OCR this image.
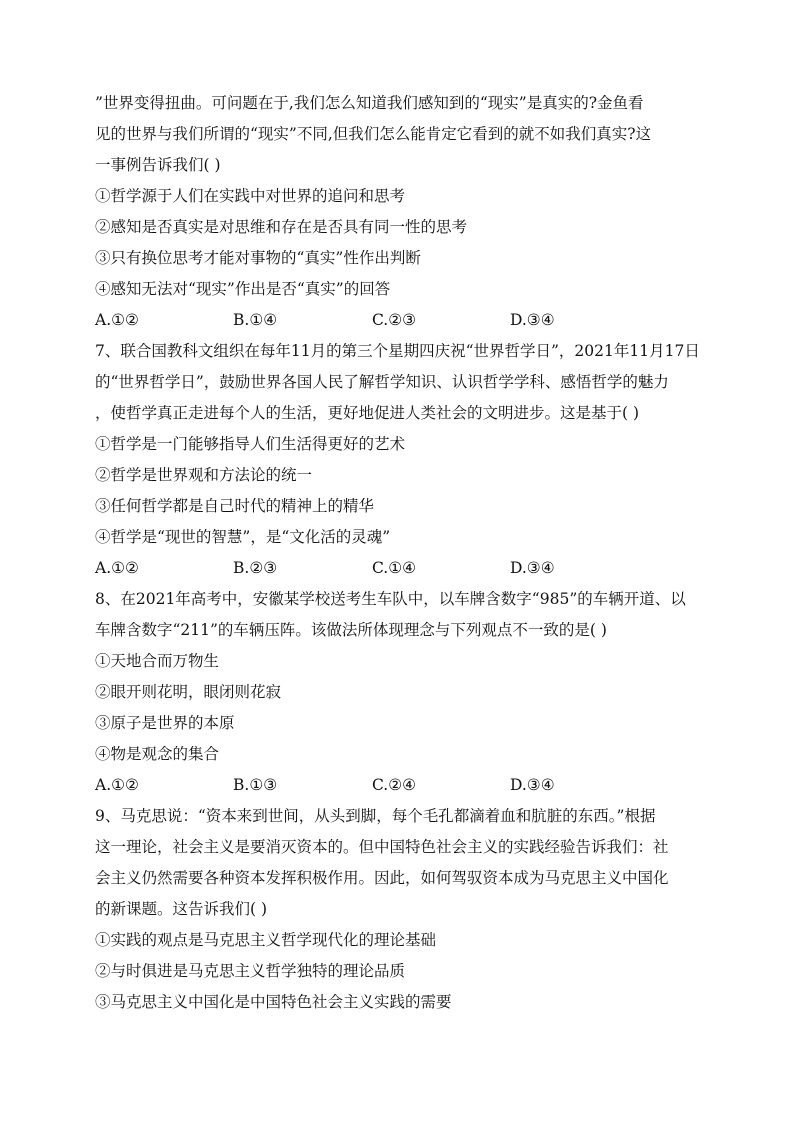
”世界变得扭曲。可问题在于,我们怎么知道我们感知到的“现实”是真实的?金鱼看
见的世界与我们所谓的“现实”不同,但我们怎么能肯定它看到的就不如我们真实?这
一事例告诉我们( )
①哲学源于人们在实践中对世界的追问和思考
②感知是否真实是对思维和存在是否具有同一性的思考
③只有换位思考才能对事物的“真实”性作出判断
④感知无法对“现实”作出是否“真实”的回答
A.①②	B.①④	C.②③	D.③④
7、联合国教科文组织在每年11月的第三个星期四庆祝“世界哲学日”，2021年11月17日
的“世界哲学日”，鼓励世界各国人民了解哲学知识、认识哲学学科、感悟哲学的魅力
，使哲学真正走进每个人的生活，更好地促进人类社会的文明进步。这是基于( )
①哲学是一门能够指导人们生活得更好的艺术
②哲学是世界观和方法论的统一
③任何哲学都是自己时代的精神上的精华
④哲学是“现世的智慧”，是“文化活的灵魂”
A.①②	B.②③	C.①④	D.③④
8、在2021年高考中，安徽某学校送考生车队中，以车牌含数字“985”的车辆开道、以
车牌含数字“211”的车辆压阵。该做法所体现理念与下列观点不一致的是( )
①天地合而万物生
②眼开则花明，眼闭则花寂
③原子是世界的本原
④物是观念的集合
A.①②	B.①③	C.②④	D.③④
9、马克思说：“资本来到世间，从头到脚，每个毛孔都滴着血和肮脏的东西。”根据
这一理论，社会主义是要消灭资本的。但中国特色社会主义的实践经验告诉我们：社
会主义仍然需要各种资本发挥积极作用。因此，如何驾驭资本成为马克思主义中国化
的新课题。这告诉我们( )
①实践的观点是马克思主义哲学现代化的理论基础
②与时俱进是马克思主义哲学独特的理论品质
③马克思主义中国化是中国特色社会主义实践的需要
